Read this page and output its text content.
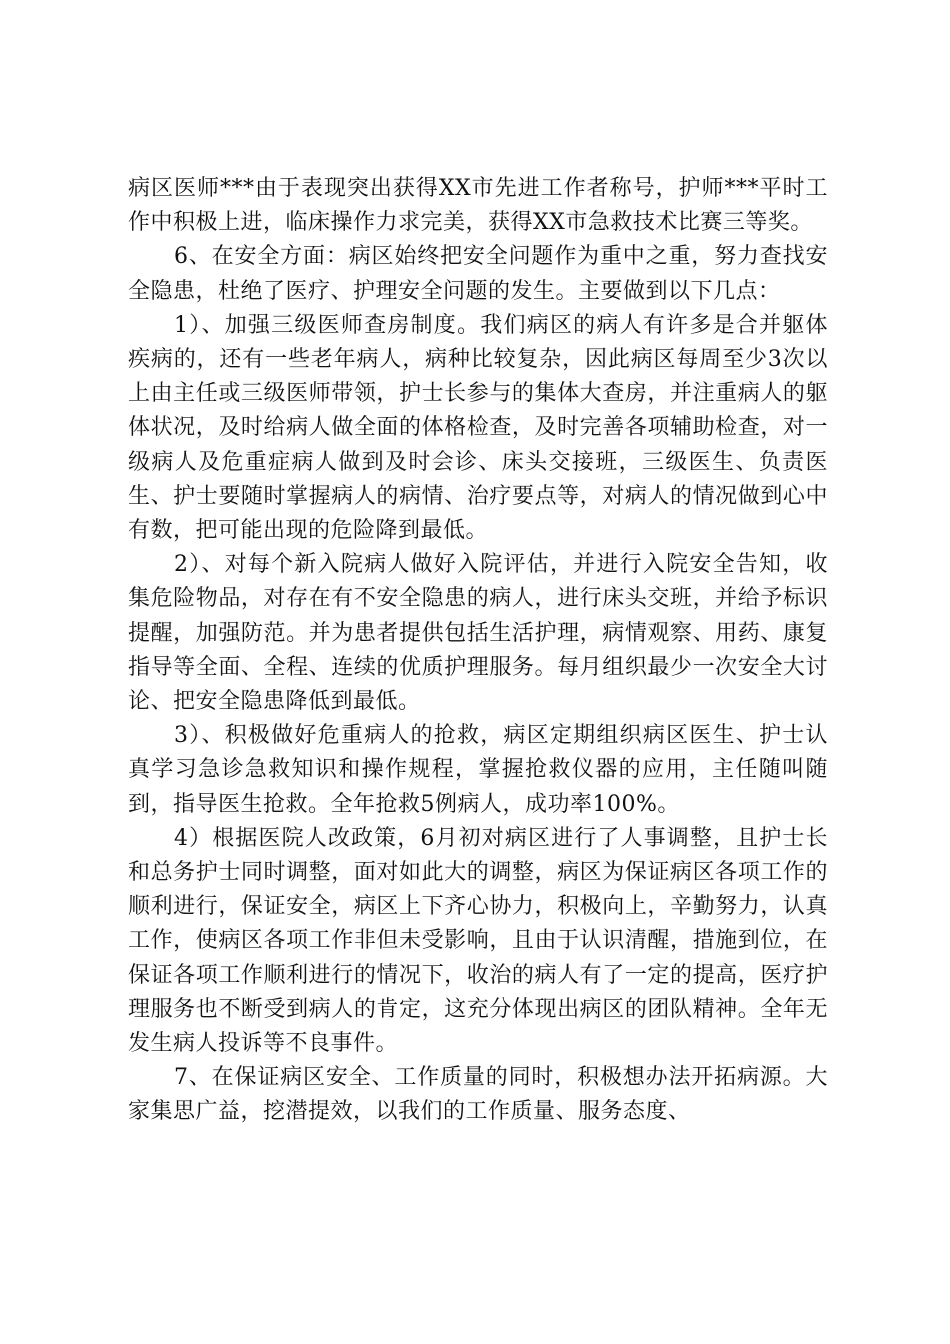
病区医师***由于表现突出获得XX市先进工作者称号，护师***平时工作中积极上进，临床操作力求完美，获得XX市急救技术比赛三等奖。

6、在安全方面：病区始终把安全问题作为重中之重，努力查找安全隐患，杜绝了医疗、护理安全问题的发生。主要做到以下几点：

1）、加强三级医师查房制度。我们病区的病人有许多是合并躯体疾病的，还有一些老年病人，病种比较复杂，因此病区每周至少3次以上由主任或三级医师带领，护士长参与的集体大查房，并注重病人的躯体状况，及时给病人做全面的体格检查，及时完善各项辅助检查，对一级病人及危重症病人做到及时会诊、床头交接班，三级医生、负责医生、护士要随时掌握病人的病情、治疗要点等，对病人的情况做到心中有数，把可能出现的危险降到最低。

2）、对每个新入院病人做好入院评估，并进行入院安全告知，收集危险物品，对存在有不安全隐患的病人，进行床头交班，并给予标识提醒，加强防范。并为患者提供包括生活护理，病情观察、用药、康复指导等全面、全程、连续的优质护理服务。每月组织最少一次安全大讨论、把安全隐患降低到最低。

3）、积极做好危重病人的抢救，病区定期组织病区医生、护士认真学习急诊急救知识和操作规程，掌握抢救仪器的应用，主任随叫随到，指导医生抢救。全年抢救5例病人，成功率100%。

4）根据医院人改政策，6月初对病区进行了人事调整，且护士长和总务护士同时调整，面对如此大的调整，病区为保证病区各项工作的顺利进行，保证安全，病区上下齐心协力，积极向上，辛勤努力，认真工作，使病区各项工作非但未受影响，且由于认识清醒，措施到位，在保证各项工作顺利进行的情况下，收治的病人有了一定的提高，医疗护理服务也不断受到病人的肯定，这充分体现出病区的团队精神。全年无发生病人投诉等不良事件。

7、在保证病区安全、工作质量的同时，积极想办法开拓病源。大家集思广益，挖潜提效，以我们的工作质量、服务态度、
